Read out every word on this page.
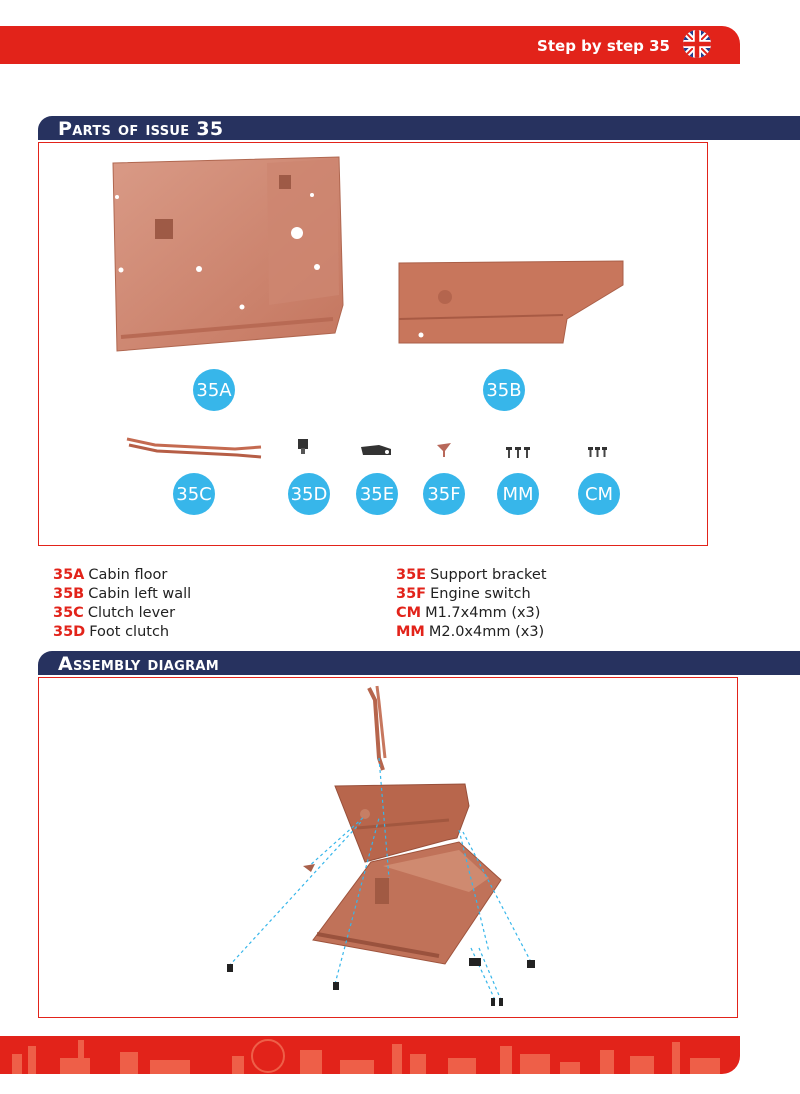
Step by step 35
Parts of issue 35
35A	35B
35C	35D 35E 35F	MM	CM
35A Cabin floor
35B Cabin left wall
35C Clutch lever
35D Foot clutch
35E Support bracket
35F Engine switch
CM M1.7x4mm (x3)
MM M2.0x4mm (x3)
Assembly diagram
